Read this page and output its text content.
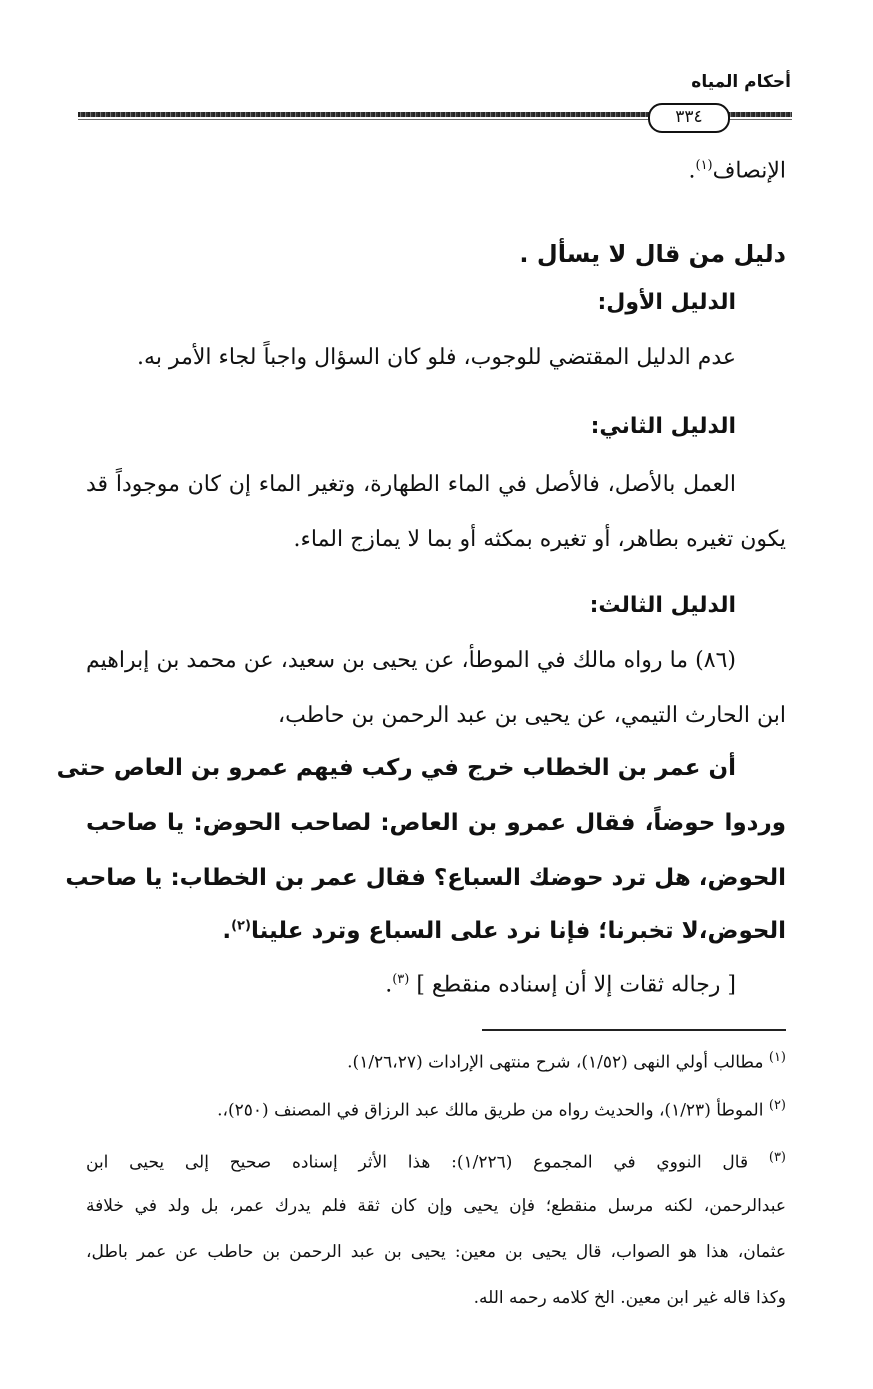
أحكام المياه
٣٣٤
الإنصاف$^{(١)}$.
دليل من قال لا يسأل .
الدليل الأول:
عدم الدليل المقتضي للوجوب، فلو كان السؤال واجباً لجاء الأمر به.
الدليل الثاني:
العمل بالأصل، فالأصل في الماء الطهارة، وتغير الماء إن كان موجوداً قد
يكون تغيره بطاهر، أو تغيره بمكثه أو بما لا يمازج الماء.
الدليل الثالث:
(٨٦) ما رواه مالك في الموطأ، عن يحيى بن سعيد، عن محمد بن إبراهيم
ابن الحارث التيمي، عن يحيى بن عبد الرحمن بن حاطب،
أن عمر بن الخطاب خرج في ركب فيهم عمرو بن العاص حتى
وردوا حوضاً، فقال عمرو بن العاص: لصاحب الحوض: يا صاحب
الحوض، هل ترد حوضك السباع؟ فقال عمر بن الخطاب: يا صاحب
الحوض،لا تخبرنا؛ فإنا نرد على السباع وترد علينا$^{(٢)}$.
[ رجاله ثقات إلا أن إسناده منقطع ] $^{(٣)}$.
$^{(١)}$ مطالب أولي النهى (١/٥٢)، شرح منتهى الإرادات (١/٢٦،٢٧).
$^{(٢)}$ الموطأ (١/٢٣)، والحديث رواه من طريق مالك عبد الرزاق في المصنف (٢٥٠)،.
$^{(٣)}$ قال النووي في المجموع (١/٢٢٦): هذا الأثر إسناده صحيح إلى يحيى ابن
عبدالرحمن، لكنه مرسل منقطع؛ فإن يحيى وإن كان ثقة فلم يدرك عمر، بل ولد في خلافة
عثمان، هذا هو الصواب، قال يحيى بن معين: يحيى بن عبد الرحمن بن حاطب عن عمر باطل،
وكذا قاله غير ابن معين. الخ كلامه رحمه الله.
